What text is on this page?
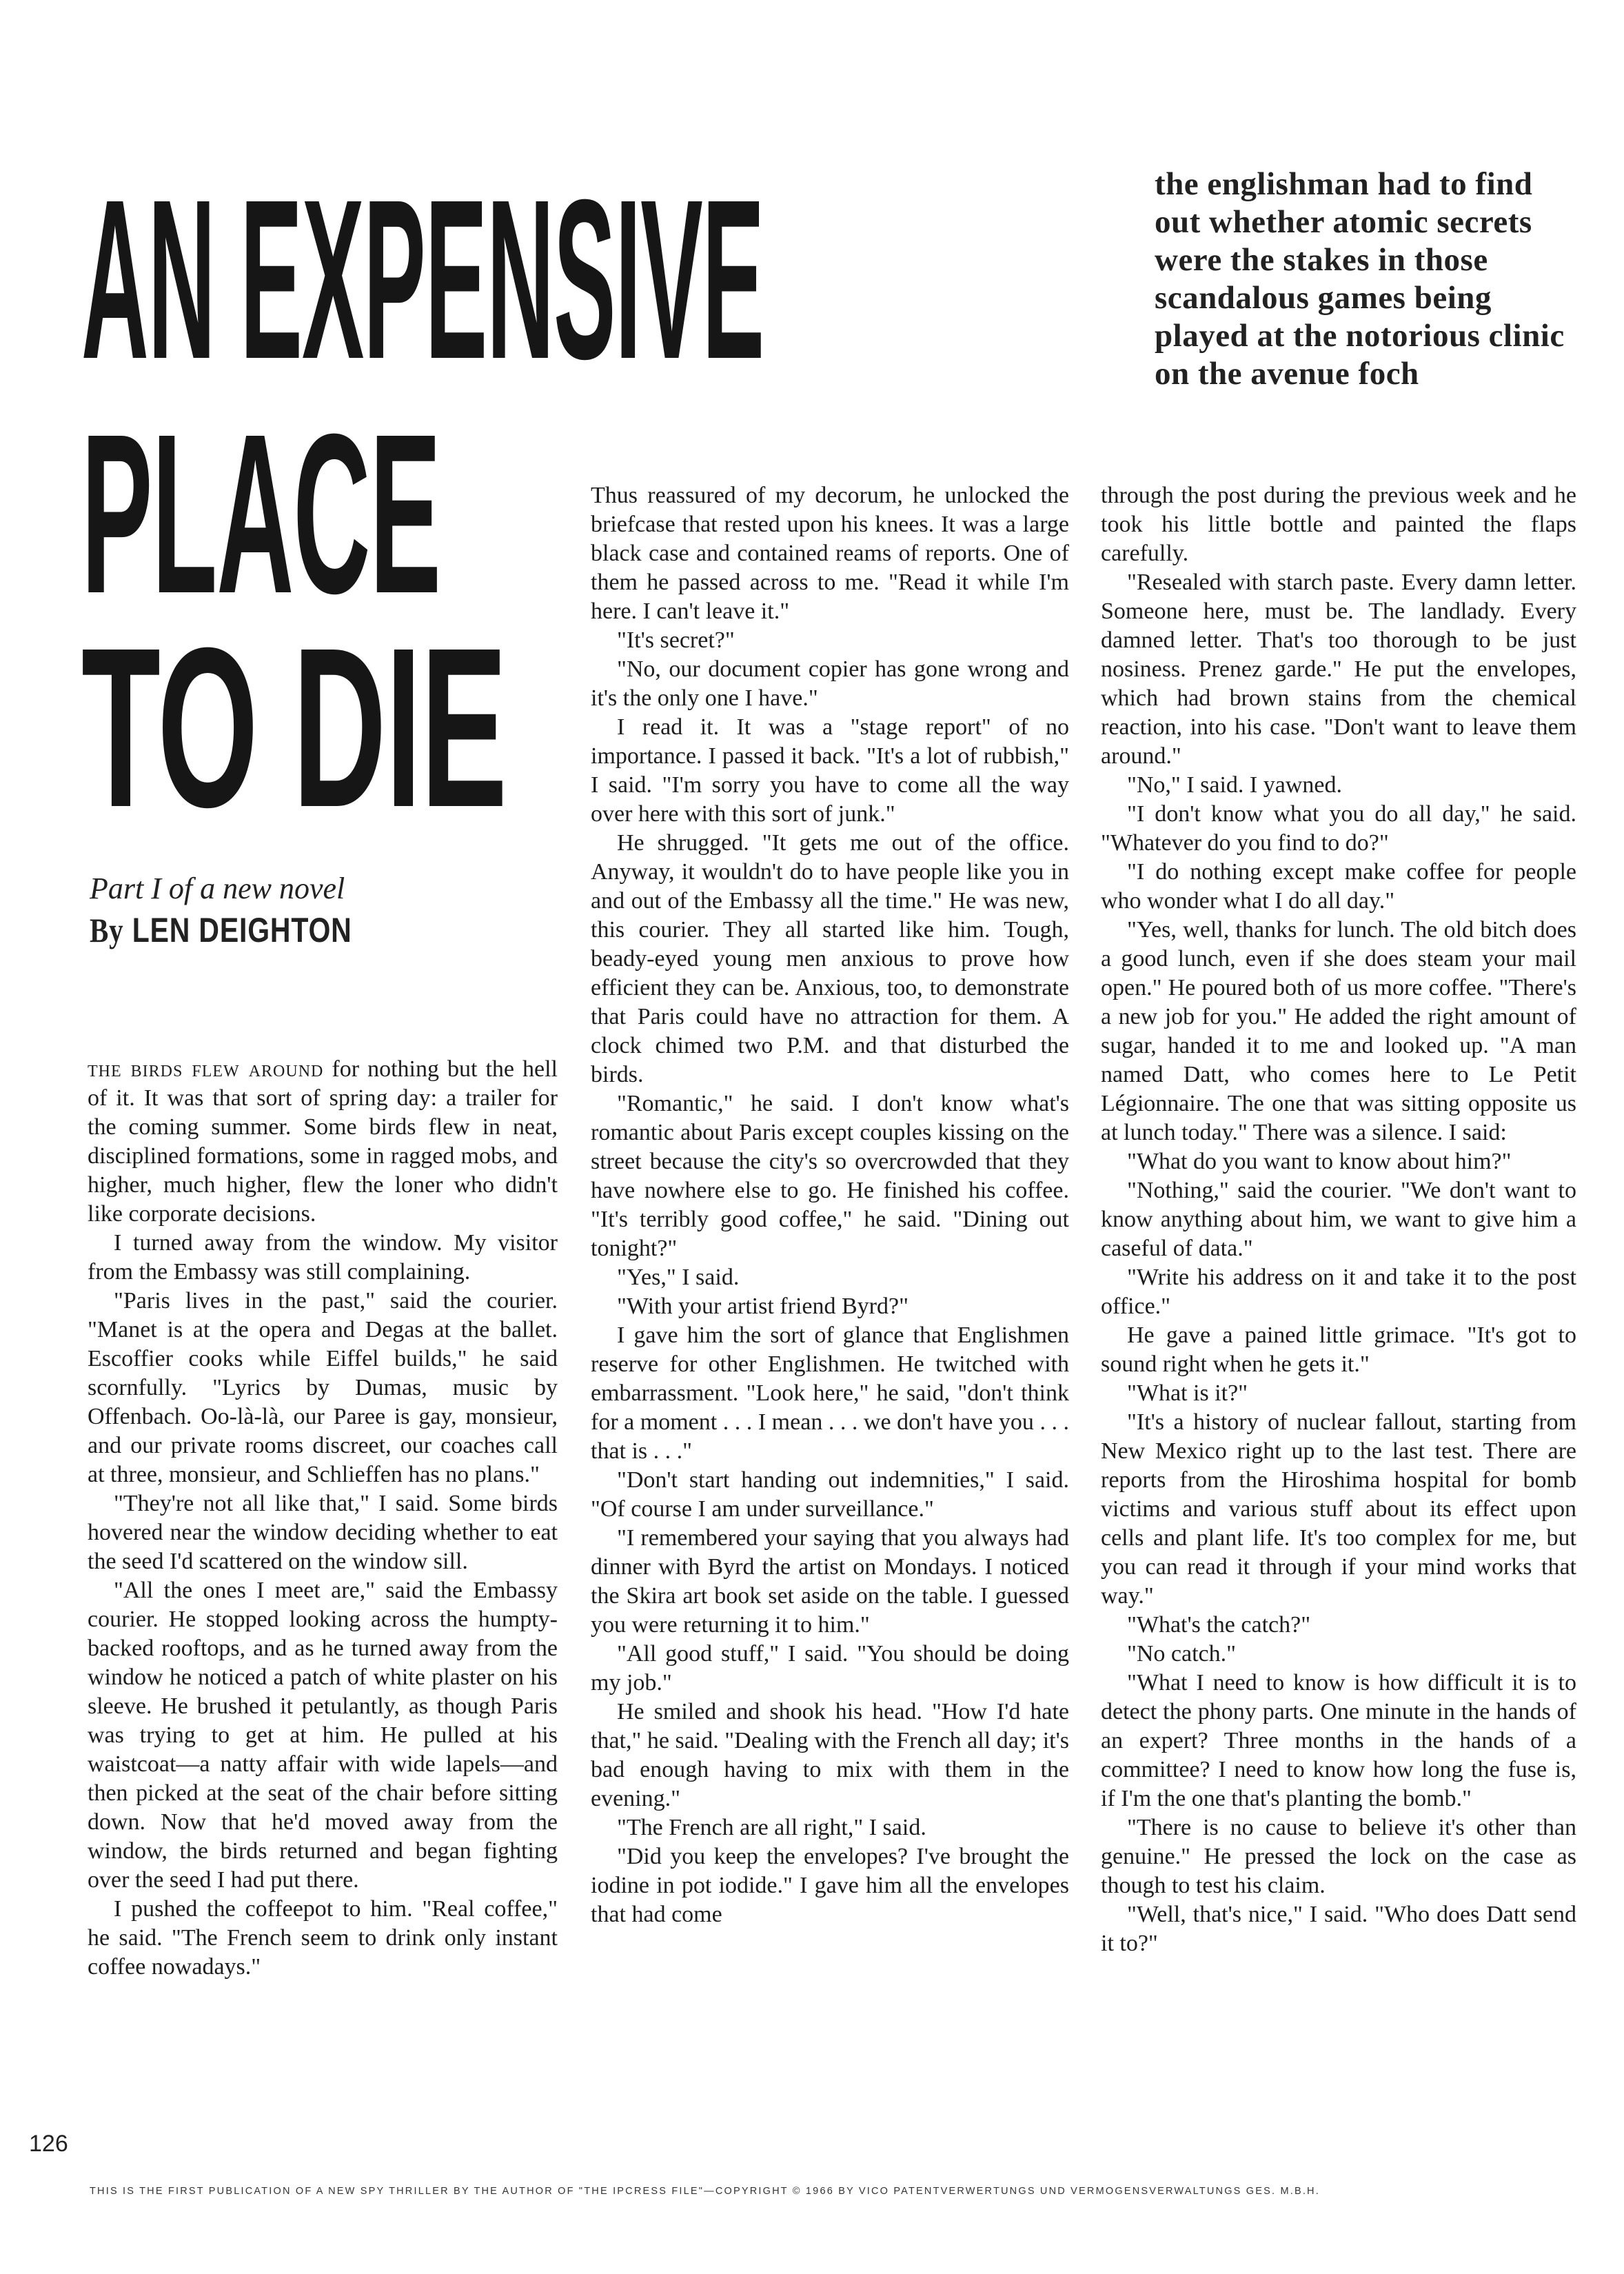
AN EXPENSIVE
PLACE
TO DIE
the englishman had to find out whether atomic secrets were the stakes in those scandalous games being played at the notorious clinic on the avenue foch
Part I of a new novel
By LEN DEIGHTON

the birds flew around for nothing but the hell of it. It was that sort of spring day: a trailer for the coming summer. Some birds flew in neat, disciplined formations, some in ragged mobs, and higher, much higher, flew the loner who didn't like corporate decisions.

I turned away from the window. My visitor from the Embassy was still complaining.

"Paris lives in the past," said the courier. "Manet is at the opera and Degas at the ballet. Escoffier cooks while Eiffel builds," he said scornfully. "Lyrics by Dumas, music by Offenbach. Oo-là-là, our Paree is gay, monsieur, and our private rooms discreet, our coaches call at three, monsieur, and Schlieffen has no plans."

"They're not all like that," I said. Some birds hovered near the window deciding whether to eat the seed I'd scattered on the window sill.

"All the ones I meet are," said the Embassy courier. He stopped looking across the humpty-backed rooftops, and as he turned away from the window he noticed a patch of white plaster on his sleeve. He brushed it petulantly, as though Paris was trying to get at him. He pulled at his waistcoat—a natty affair with wide lapels—and then picked at the seat of the chair before sitting down. Now that he'd moved away from the window, the birds returned and began fighting over the seed I had put there.

I pushed the coffeepot to him. "Real coffee," he said. "The French seem to drink only instant coffee nowadays."

Thus reassured of my decorum, he unlocked the briefcase that rested upon his knees. It was a large black case and contained reams of reports. One of them he passed across to me. "Read it while I'm here. I can't leave it."

"It's secret?"

"No, our document copier has gone wrong and it's the only one I have."

I read it. It was a "stage report" of no importance. I passed it back. "It's a lot of rubbish," I said. "I'm sorry you have to come all the way over here with this sort of junk."

He shrugged. "It gets me out of the office. Anyway, it wouldn't do to have people like you in and out of the Embassy all the time." He was new, this courier. They all started like him. Tough, beady-eyed young men anxious to prove how efficient they can be. Anxious, too, to demonstrate that Paris could have no attraction for them. A clock chimed two P.M. and that disturbed the birds.

"Romantic," he said. I don't know what's romantic about Paris except couples kissing on the street because the city's so overcrowded that they have nowhere else to go. He finished his coffee. "It's terribly good coffee," he said. "Dining out tonight?"

"Yes," I said.

"With your artist friend Byrd?"

I gave him the sort of glance that Englishmen reserve for other Englishmen. He twitched with embarrassment. "Look here," he said, "don't think for a moment . . . I mean . . . we don't have you . . . that is . . ."

"Don't start handing out indemnities," I said. "Of course I am under surveillance."

"I remembered your saying that you always had dinner with Byrd the artist on Mondays. I noticed the Skira art book set aside on the table. I guessed you were returning it to him."

"All good stuff," I said. "You should be doing my job."

He smiled and shook his head. "How I'd hate that," he said. "Dealing with the French all day; it's bad enough having to mix with them in the evening."

"The French are all right," I said.

"Did you keep the envelopes? I've brought the iodine in pot iodide." I gave him all the envelopes that had come

through the post during the previous week and he took his little bottle and painted the flaps carefully.

"Resealed with starch paste. Every damn letter. Someone here, must be. The landlady. Every damned letter. That's too thorough to be just nosiness. Prenez garde." He put the envelopes, which had brown stains from the chemical reaction, into his case. "Don't want to leave them around."

"No," I said. I yawned.

"I don't know what you do all day," he said. "Whatever do you find to do?"

"I do nothing except make coffee for people who wonder what I do all day."

"Yes, well, thanks for lunch. The old bitch does a good lunch, even if she does steam your mail open." He poured both of us more coffee. "There's a new job for you." He added the right amount of sugar, handed it to me and looked up. "A man named Datt, who comes here to Le Petit Légionnaire. The one that was sitting opposite us at lunch today." There was a silence. I said:

"What do you want to know about him?"

"Nothing," said the courier. "We don't want to know anything about him, we want to give him a caseful of data."

"Write his address on it and take it to the post office."

He gave a pained little grimace. "It's got to sound right when he gets it."

"What is it?"

"It's a history of nuclear fallout, starting from New Mexico right up to the last test. There are reports from the Hiroshima hospital for bomb victims and various stuff about its effect upon cells and plant life. It's too complex for me, but you can read it through if your mind works that way."

"What's the catch?"

"No catch."

"What I need to know is how difficult it is to detect the phony parts. One minute in the hands of an expert? Three months in the hands of a committee? I need to know how long the fuse is, if I'm the one that's planting the bomb."

"There is no cause to believe it's other than genuine." He pressed the lock on the case as though to test his claim.

"Well, that's nice," I said. "Who does Datt send it to?"

126
THIS IS THE FIRST PUBLICATION OF A NEW SPY THRILLER BY THE AUTHOR OF "THE IPCRESS FILE"—COPYRIGHT © 1966 BY VICO PATENTVERWERTUNGS UND VERMOGENSVERWALTUNGS GES. M.B.H.
